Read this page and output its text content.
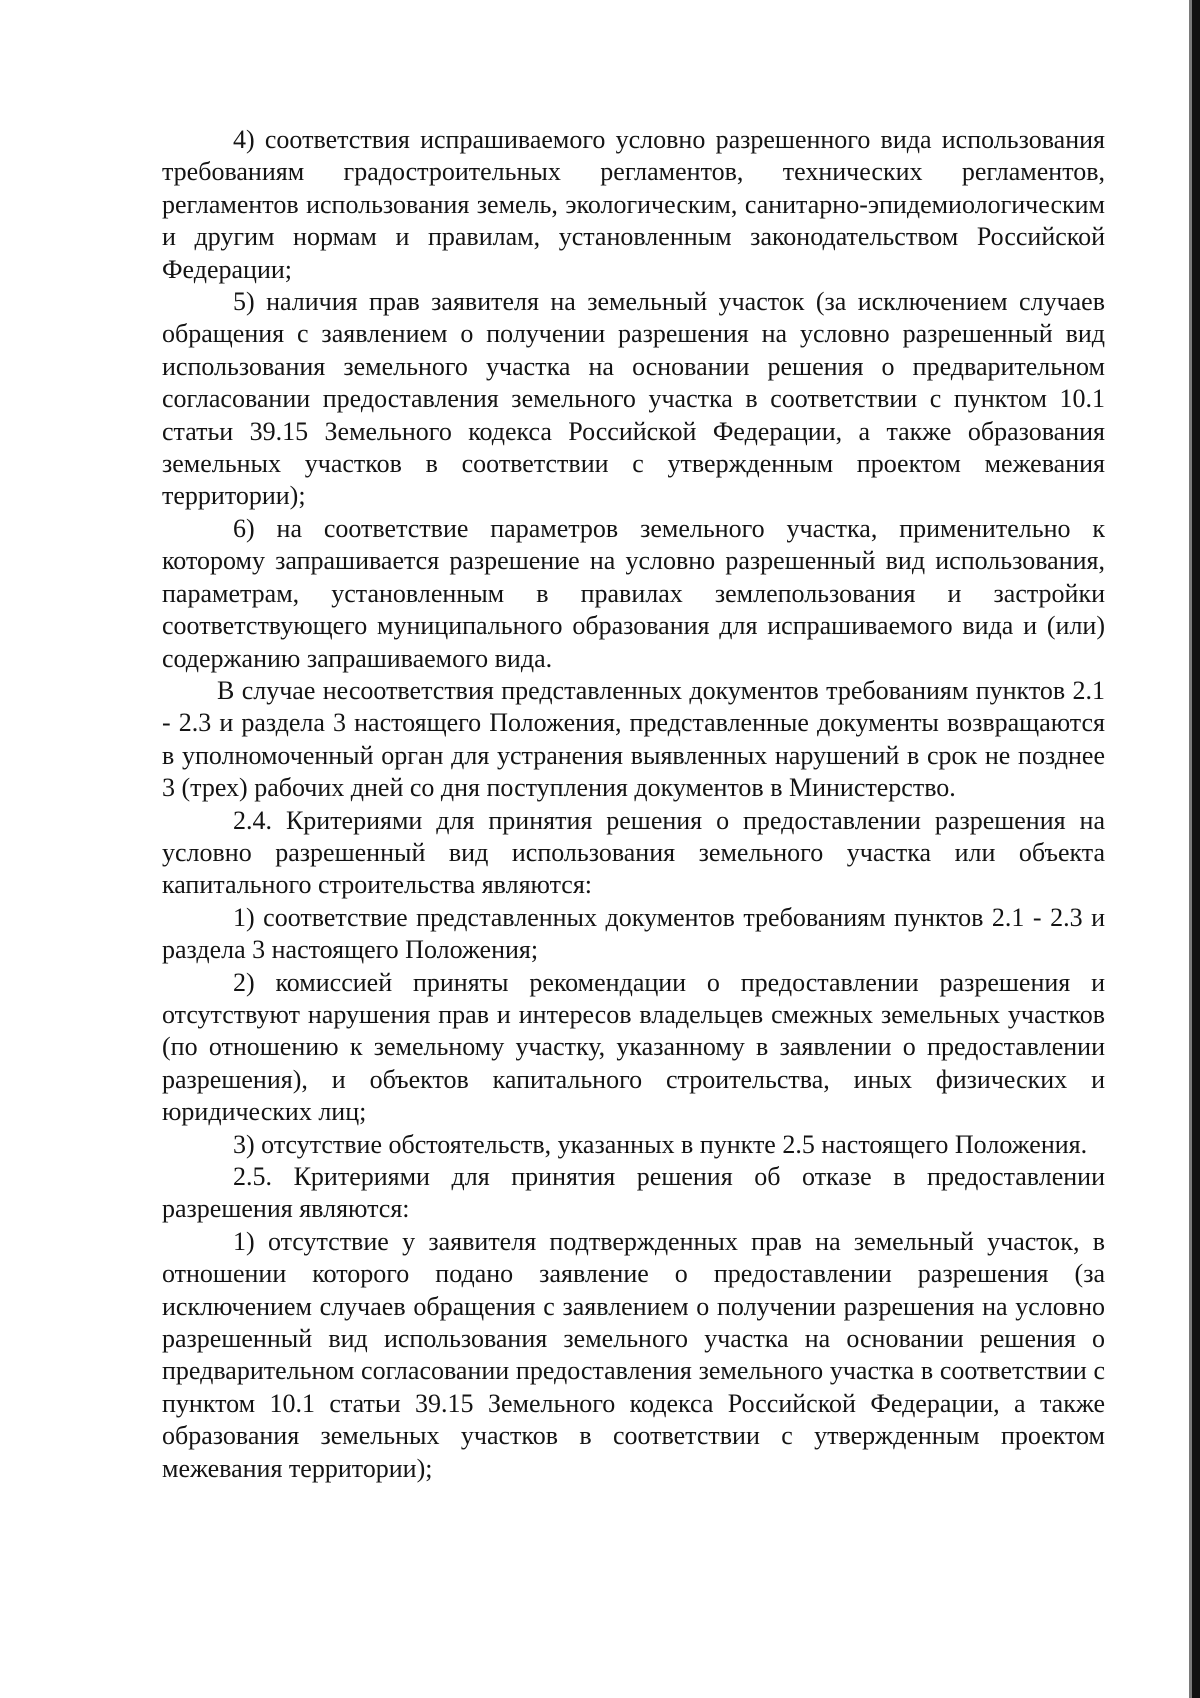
4) соответствия испрашиваемого условно разрешенного вида использования требованиям градостроительных регламентов, технических регламентов, регламентов использования земель, экологическим, санитарно-эпидемиологическим и другим нормам и правилам, установленным законодательством Российской Федерации;

5) наличия прав заявителя на земельный участок (за исключением случаев обращения с заявлением о получении разрешения на условно разрешенный вид использования земельного участка на основании решения о предварительном согласовании предоставления земельного участка в соответствии с пунктом 10.1 статьи 39.15 Земельного кодекса Российской Федерации, а также образования земельных участков в соответствии с утвержденным проектом межевания территории);

6) на соответствие параметров земельного участка, применительно к которому запрашивается разрешение на условно разрешенный вид использования, параметрам, установленным в правилах землепользования и застройки соответствующего муниципального образования для испрашиваемого вида и (или) содержанию запрашиваемого вида.

В случае несоответствия представленных документов требованиям пунктов 2.1 - 2.3 и раздела 3 настоящего Положения, представленные документы возвращаются в уполномоченный орган для устранения выявленных нарушений в срок не позднее 3 (трех) рабочих дней со дня поступления документов в Министерство.

2.4. Критериями для принятия решения о предоставлении разрешения на условно разрешенный вид использования земельного участка или объекта капитального строительства являются:

1) соответствие представленных документов требованиям пунктов 2.1 - 2.3 и раздела 3 настоящего Положения;

2) комиссией приняты рекомендации о предоставлении разрешения и отсутствуют нарушения прав и интересов владельцев смежных земельных участков (по отношению к земельному участку, указанному в заявлении о предоставлении разрешения), и объектов капитального строительства, иных физических и юридических лиц;

3) отсутствие обстоятельств, указанных в пункте 2.5 настоящего Положения.

2.5. Критериями для принятия решения об отказе в предоставлении разрешения являются:

1) отсутствие у заявителя подтвержденных прав на земельный участок, в отношении которого подано заявление о предоставлении разрешения (за исключением случаев обращения с заявлением о получении разрешения на условно разрешенный вид использования земельного участка на основании решения о предварительном согласовании предоставления земельного участка в соответствии с пунктом 10.1 статьи 39.15 Земельного кодекса Российской Федерации, а также образования земельных участков в соответствии с утвержденным проектом межевания территории);
